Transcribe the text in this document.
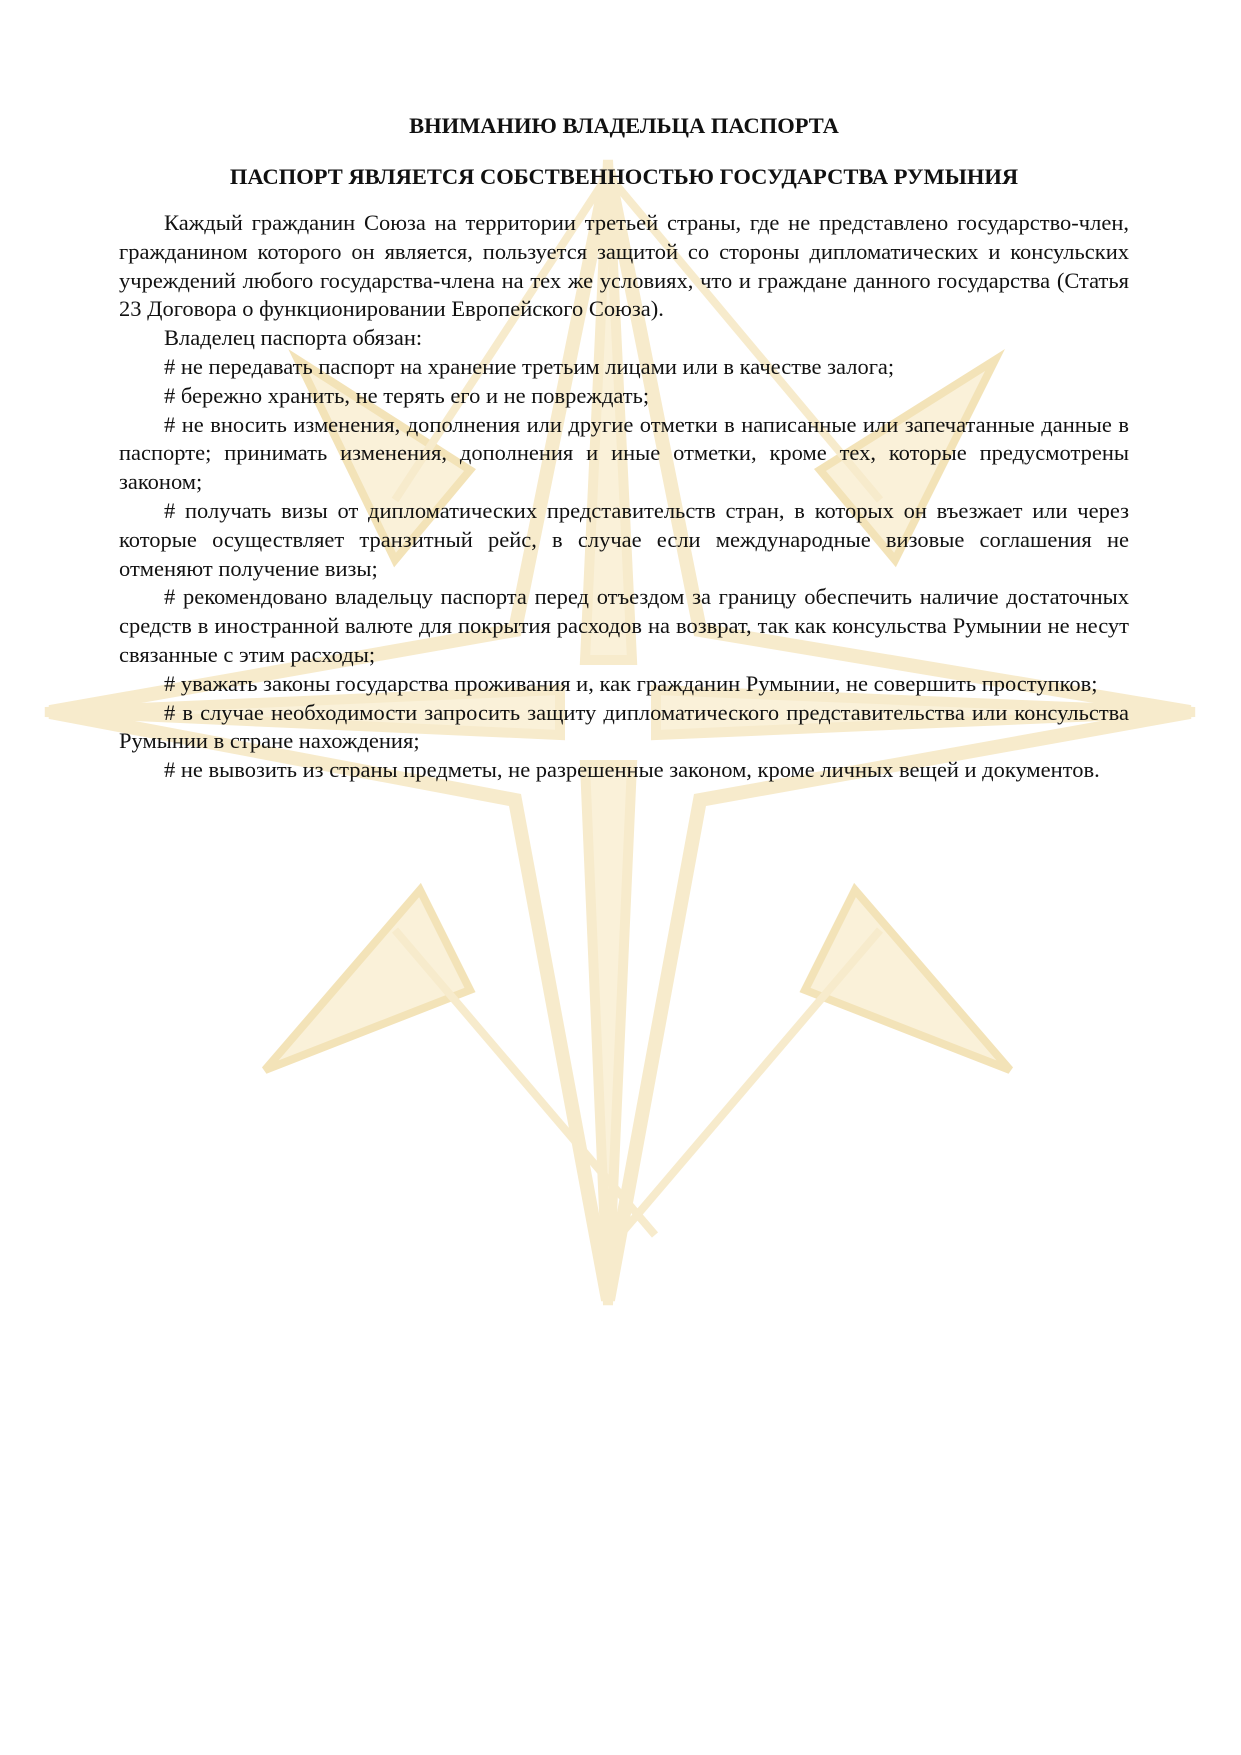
ВНИМАНИЮ ВЛАДЕЛЬЦА ПАСПОРТА

ПАСПОРТ ЯВЛЯЕТСЯ СОБСТВЕННОСТЬЮ ГОСУДАРСТВА РУМЫНИЯ

Каждый гражданин Союза на территории третьей страны, где не представлено государство-член, гражданином которого он является, пользуется защитой со стороны дипломатических и консульских учреждений любого государства-члена на тех же условиях, что и граждане данного государства (Статья 23 Договора о функционировании Европейского Союза).

Владелец паспорта обязан:

# не передавать паспорт на хранение третьим лицами или в качестве залога;

# бережно хранить, не терять его и не повреждать;

# не вносить изменения, дополнения или другие отметки в написанные или запечатанные данные в паспорте; принимать изменения, дополнения и иные отметки, кроме тех, которые предусмотрены законом;

# получать визы от дипломатических представительств стран, в которых он въезжает или через которые осуществляет транзитный рейс, в случае если международные визовые соглашения не отменяют получение визы;

# рекомендовано владельцу паспорта перед отъездом за границу обеспечить наличие достаточных средств в иностранной валюте для покрытия расходов на возврат, так как консульства Румынии не несут связанные с этим расходы;

# уважать законы государства проживания и, как гражданин Румынии, не совершить проступков;

# в случае необходимости запросить защиту дипломатического представительства или консульства Румынии в стране нахождения;

# не вывозить из страны предметы, не разрешенные законом, кроме личных вещей и документов.
